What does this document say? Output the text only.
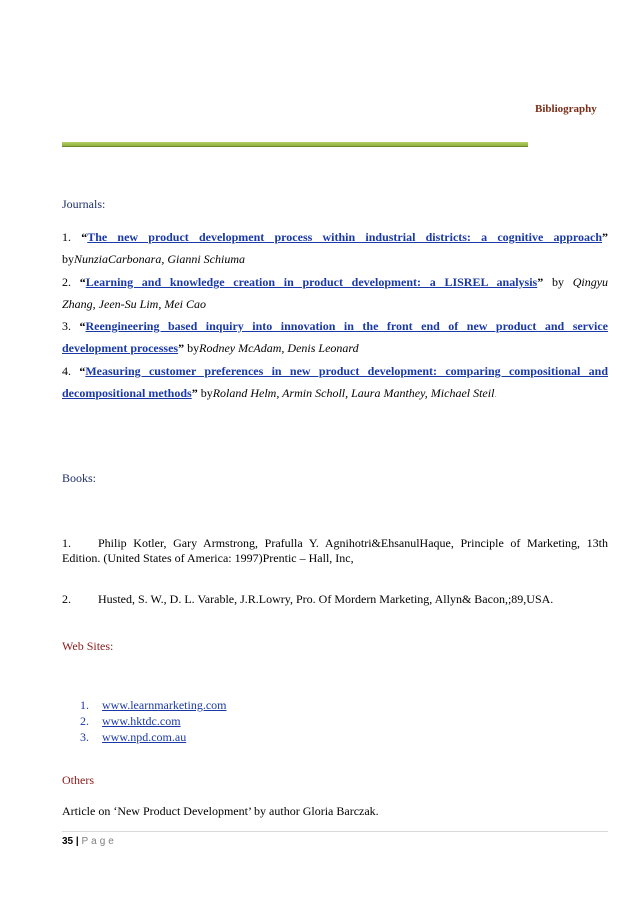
Bibliography
Journals:
1. “The new product development process within industrial districts: a cognitive approach”
byNunziaCarbonara, Gianni Schiuma
2. “Learning and knowledge creation in product development: a LISREL analysis” by Qingyu
Zhang, Jeen-Su Lim, Mei Cao
3. “Reengineering based inquiry into innovation in the front end of new product and service
development processes” byRodney McAdam, Denis Leonard
4. “Measuring customer preferences in new product development: comparing compositional and
decompositional methods” byRoland Helm, Armin Scholl, Laura Manthey, Michael Steil.
Books:
1. Philip Kotler, Gary Armstrong, Prafulla Y. Agnihotri&EhsanulHaque, Principle of Marketing, 13th Edition. (United States of America: 1997)Prentic – Hall, Inc,
2. Husted, S. W., D. L. Varable, J.R.Lowry, Pro. Of Mordern Marketing, Allyn& Bacon,;89,USA.
Web Sites:
1. www.learnmarketing.com
2. www.hktdc.com
3. www.npd.com.au
Others
Article on ‘New Product Development’ by author Gloria Barczak.
35 | Page
